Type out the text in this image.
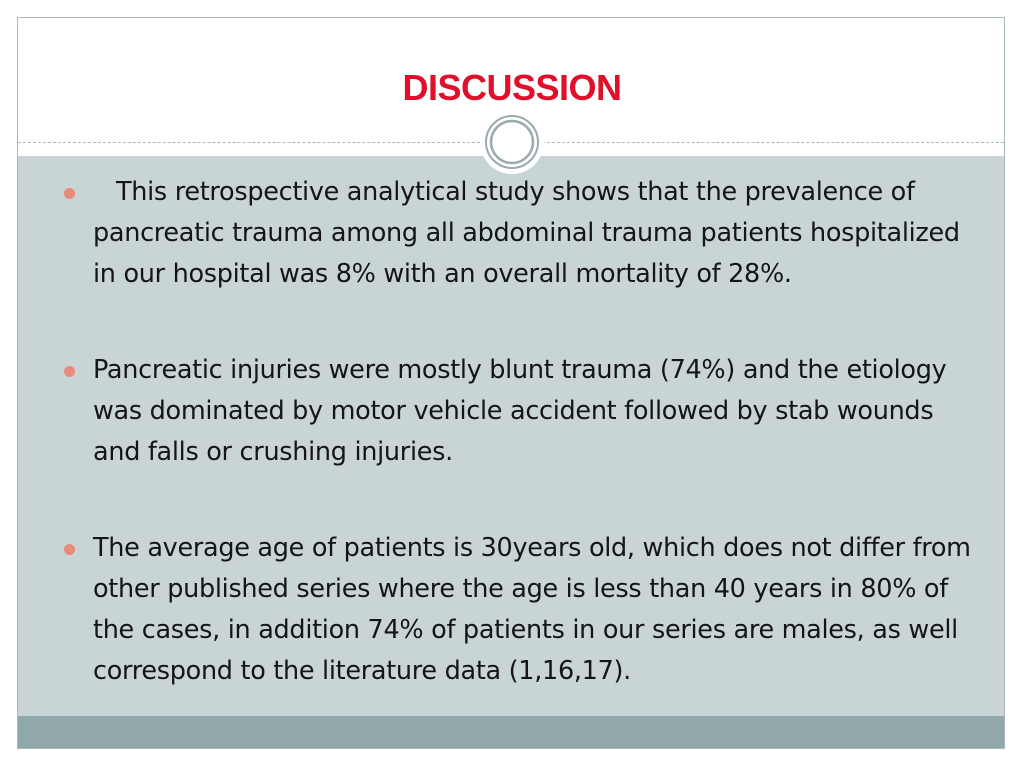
DISCUSSION
This retrospective analytical study shows that the prevalence of pancreatic trauma among all abdominal trauma patients hospitalized in our hospital was 8% with an overall mortality of 28%.
Pancreatic injuries were mostly blunt trauma (74%) and the etiology was dominated by motor vehicle accident followed by stab wounds and falls or crushing injuries.
The average age of patients is 30years old, which does not differ from other published series where the age is less than 40 years in 80% of the cases, in addition 74% of patients in our series are males, as well correspond to the literature data (1,16,17).
